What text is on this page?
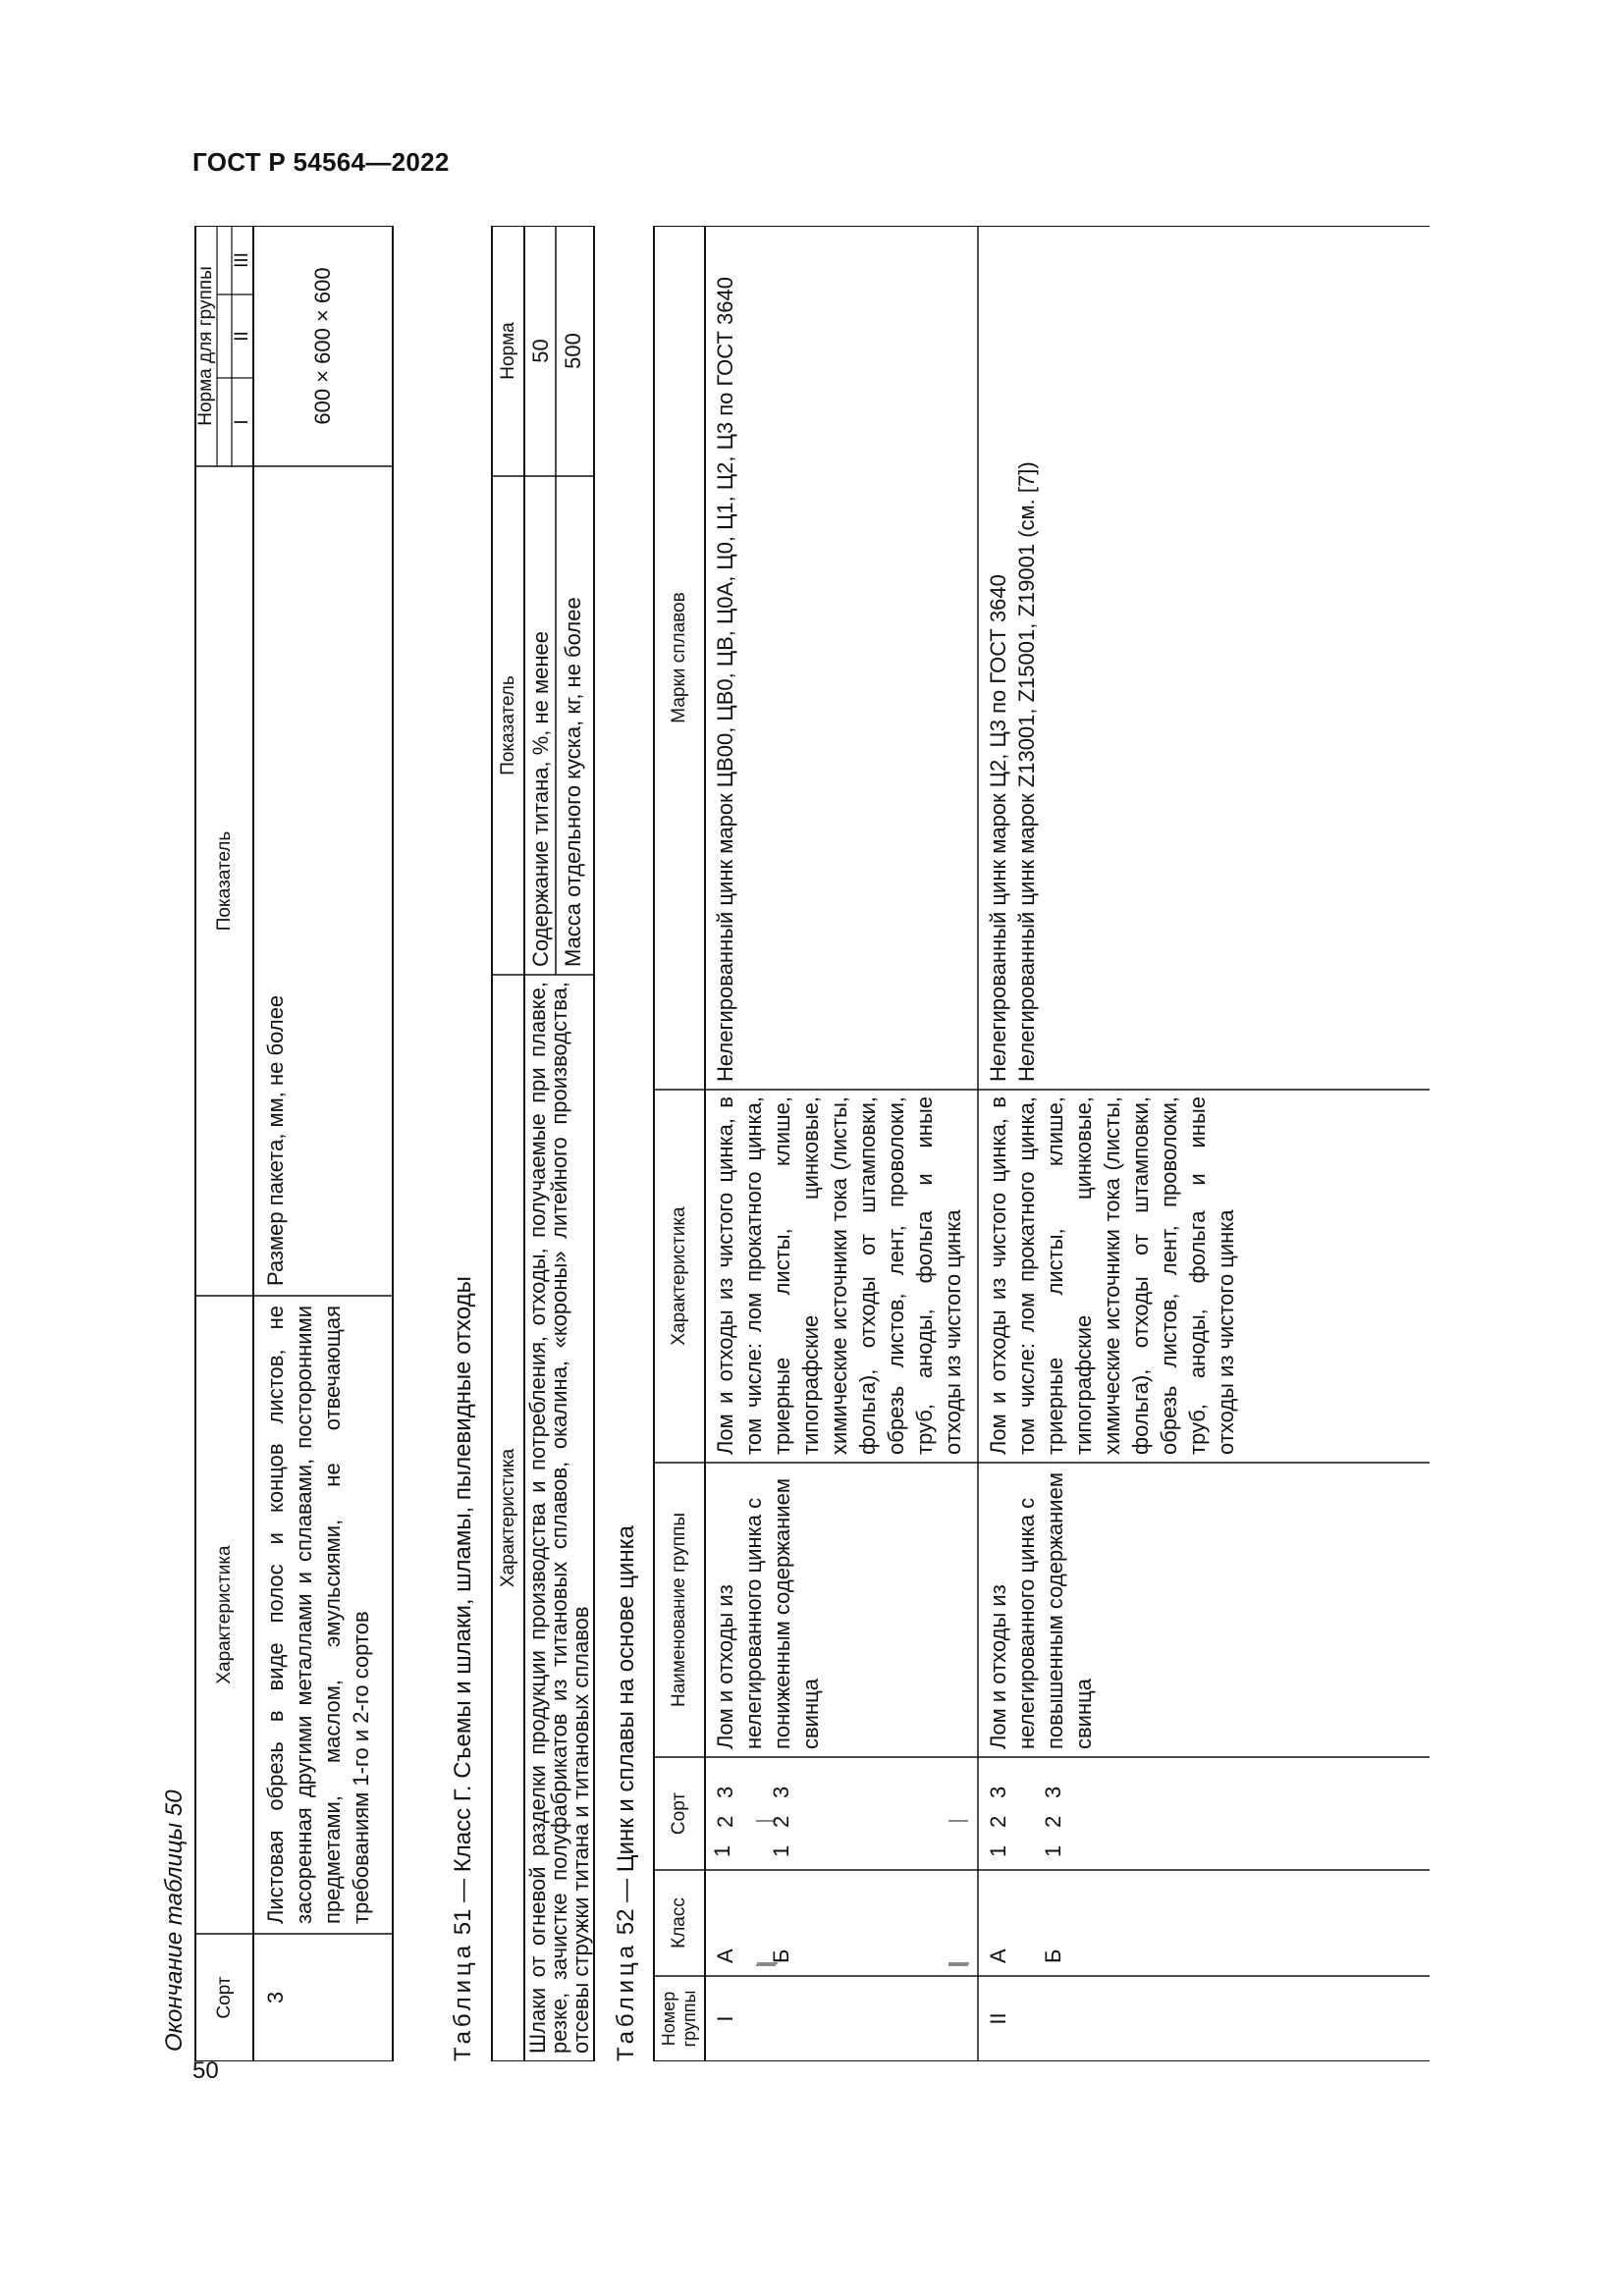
ГОСТ Р 54564—2022
50
Окончание таблицы 50	Сорт
Характеристика
Показатель
Норма для группы I
II
III
3
Листовая обрезь в виде полос и концов листов, не засоренная другими металлами и сплавами, посторонними предметами, маслом, эмульсиями, не отвечающая требованиям 1-го и 2-го сортов
Размер пакета, мм, не более
600 × 600 × 600
Таблица 51 — Класс Г. Съемы и шлаки, шламы, пылевидные отходы Характеристика
Показатель
Норма
Шлаки от огневой разделки продукции производства и потребления, отходы, получаемые при плавке, резке, зачистке полуфабрикатов из титановых сплавов, окалина, «короны» литейного производства, отсевы стружки титана и титановых сплавов
Содержание титана, %, не менее
50
Масса отдельного куска, кг, не более
500
Таблица 52 — Цинк и сплавы на основе цинка
Номер группы
Класс
Сорт
Наименование группы
Характеристика
Марки сплавов
I
А Б
1
2
3
1
2
3
Лом и отходы из нелегированного цинка с пониженным содержанием свинца
Лом и отходы из чистого цинка, в том числе: лом прокатного цинка, триерные листы, клише, типографские цинковые, химические источники тока (листы, фольга), отходы от штамповки, обрезь листов, лент, проволоки, труб, аноды, фольга и иные отходы из чистого цинка
Нелегированный цинк марок ЦВ00, ЦВ0, ЦВ, Ц0А, Ц0, Ц1, Ц2, Ц3 по ГОСТ 3640
II
А Б
1
2
3
1
2
3
Лом и отходы из нелегированного цинка с повышенным содержанием свинца
Лом и отходы из чистого цинка, в том числе: лом прокатного цинка, триерные листы, клише, типографские цинковые, химические источники тока (листы, фольга), отходы от штамповки, обрезь листов, лент, проволоки, труб, аноды, фольга и иные отходы из чистого цинка
Нелегированный цинк марок Ц2, Ц3 по ГОСТ 3640 Нелегированный цинк марок Z13001, Z15001, Z19001 (см. [7])
